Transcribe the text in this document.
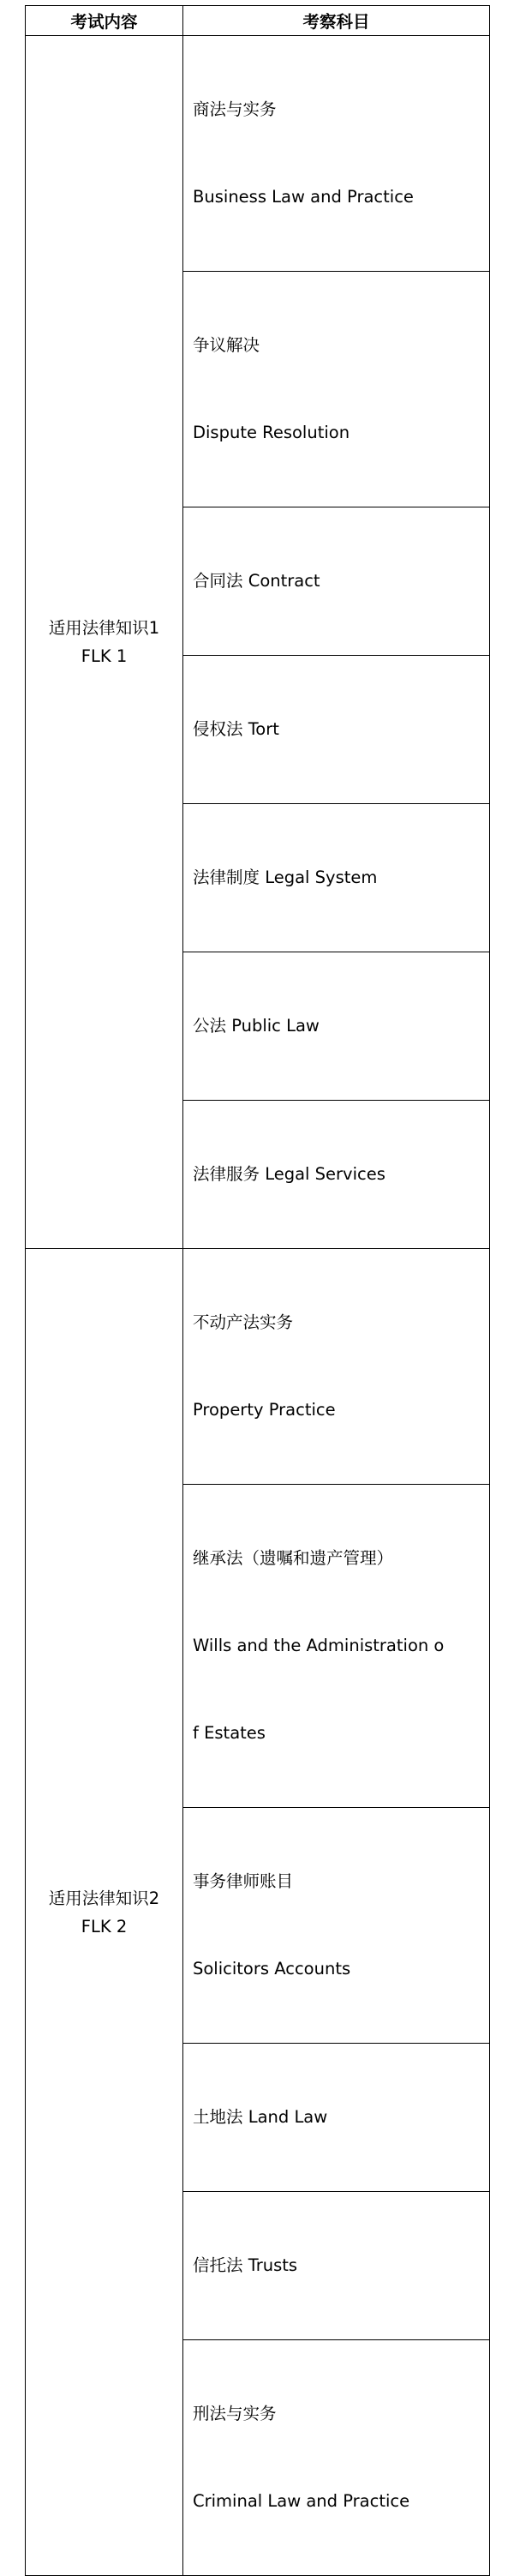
考试内容	考察科目

适用法律知识1
FLK 1	商法与实务

Business Law and Practice

	争议解决

Dispute Resolution

	合同法 Contract

	侵权法 Tort

	法律制度 Legal System

	公法 Public Law

	法律服务 Legal Services

适用法律知识2
FLK 2	不动产法实务

Property Practice

	继承法（遗嘱和遗产管理）

Wills and the Administration o

f Estates

	事务律师账目

Solicitors Accounts

	土地法 Land Law

	信托法 Trusts

	刑法与实务

Criminal Law and Practice
